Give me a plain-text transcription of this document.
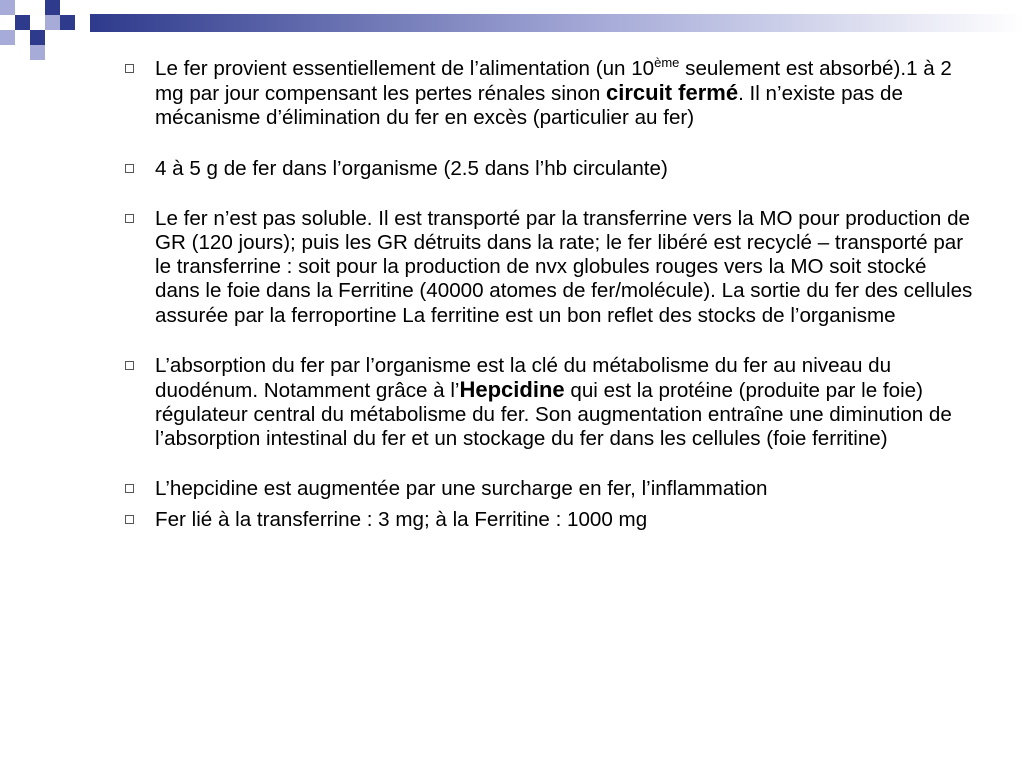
Le fer provient essentiellement de l’alimentation (un 10ème seulement est absorbé).1 à 2 mg par jour compensant les pertes rénales sinon circuit fermé. Il n’existe pas de mécanisme d’élimination du fer en excès (particulier au fer)
4 à 5 g de fer dans l’organisme (2.5 dans l’hb circulante)
Le fer n’est pas soluble. Il est transporté par la transferrine vers la MO pour production de GR (120 jours); puis les GR détruits dans la rate; le fer libéré est recyclé – transporté par le transferrine : soit pour la production de nvx globules rouges vers la MO soit stocké dans le foie dans la Ferritine (40000 atomes de fer/molécule). La sortie du fer des cellules assurée par la ferroportine La ferritine est un bon reflet des stocks de l’organisme
L’absorption du fer par l’organisme est la clé du métabolisme du fer au niveau du duodénum. Notamment grâce à l’Hepcidine qui est la protéine (produite par le foie) régulateur central du métabolisme du fer. Son augmentation entraîne une diminution de l’absorption intestinal du fer et un stockage du fer dans les cellules (foie ferritine)
L’hepcidine est augmentée par une surcharge en fer, l’inflammation
Fer lié à la transferrine : 3 mg; à la Ferritine : 1000 mg
